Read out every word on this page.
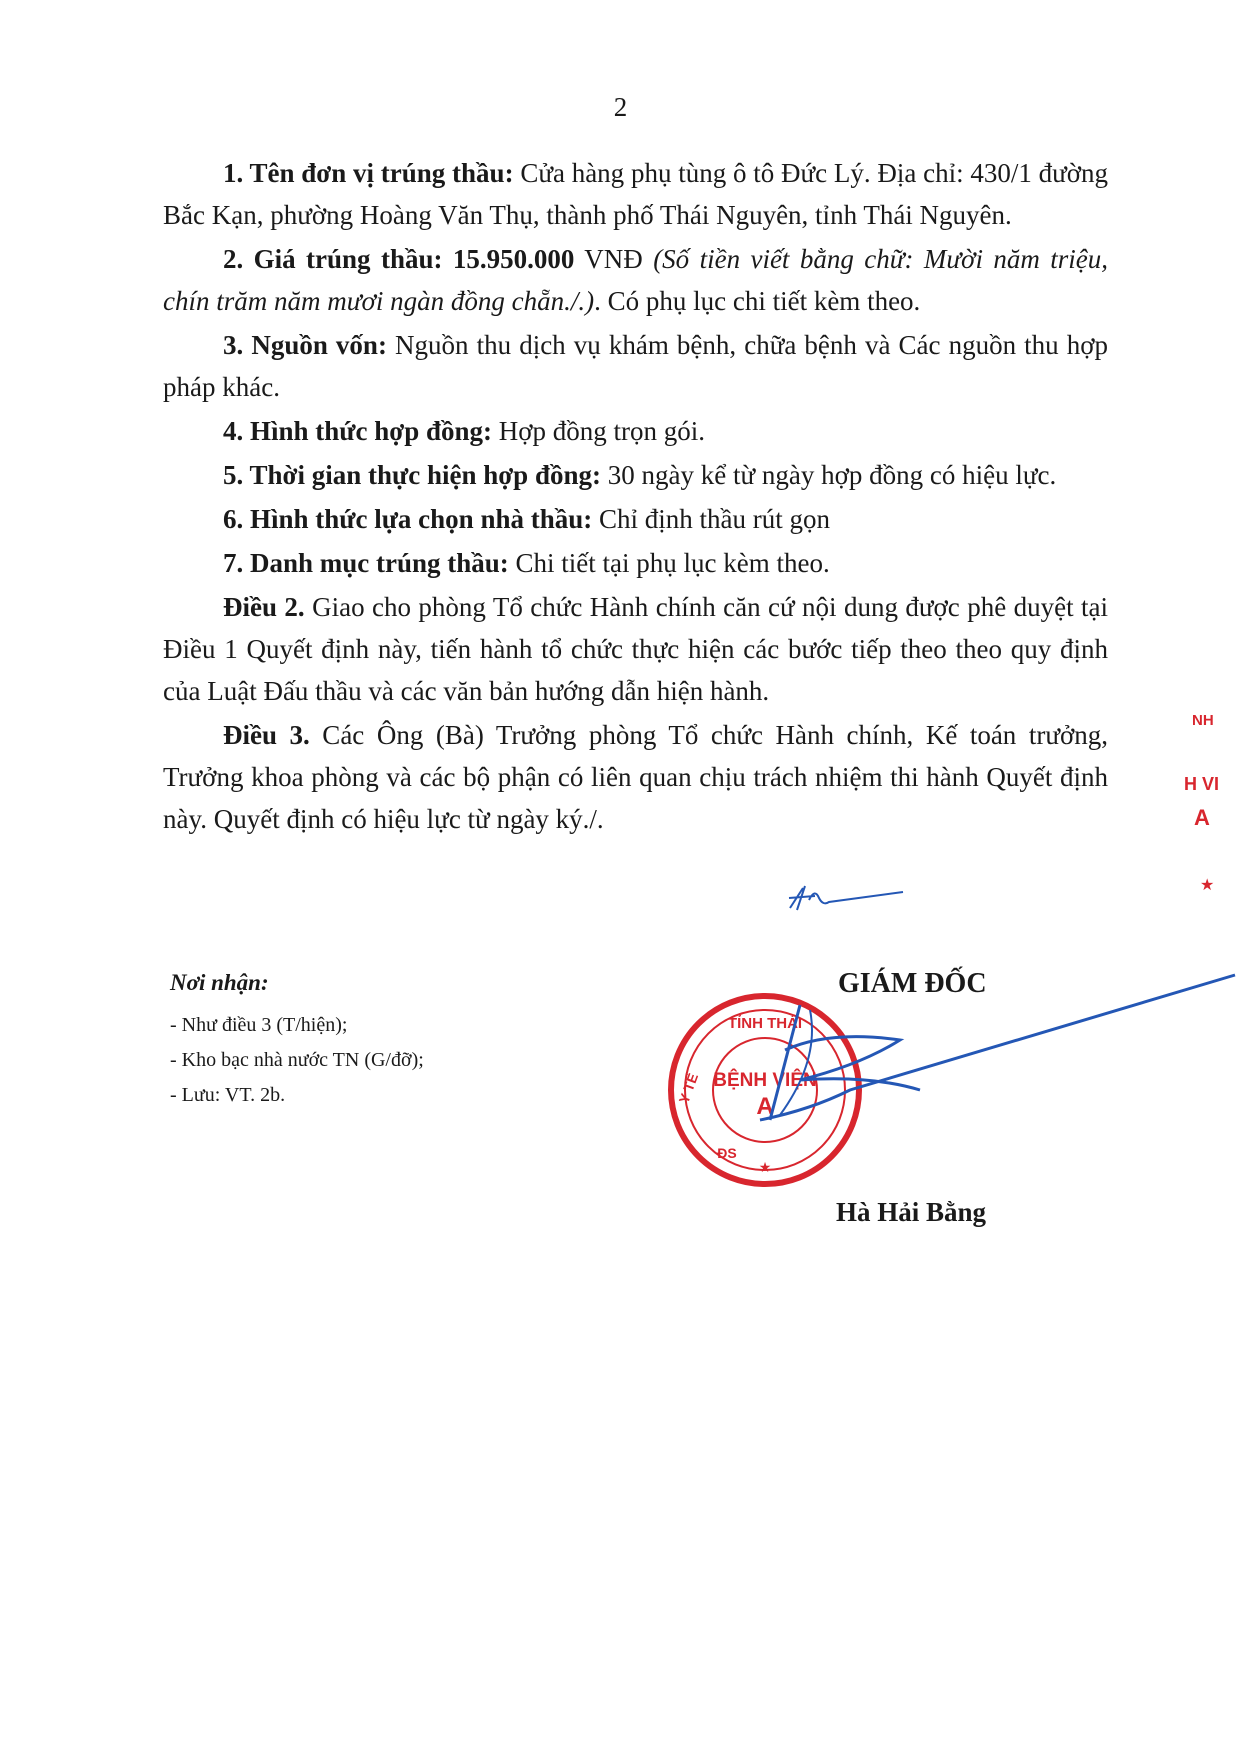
2

1. Tên đơn vị trúng thầu: Cửa hàng phụ tùng ô tô Đức Lý. Địa chỉ: 430/1 đường Bắc Kạn, phường Hoàng Văn Thụ, thành phố Thái Nguyên, tỉnh Thái Nguyên.

2. Giá trúng thầu: 15.950.000 VNĐ (Số tiền viết bằng chữ: Mười năm triệu, chín trăm năm mươi ngàn đồng chẵn./.). Có phụ lục chi tiết kèm theo.

3. Nguồn vốn: Nguồn thu dịch vụ khám bệnh, chữa bệnh và Các nguồn thu hợp pháp khác.

4. Hình thức hợp đồng: Hợp đồng trọn gói.

5. Thời gian thực hiện hợp đồng: 30 ngày kể từ ngày hợp đồng có hiệu lực.

6. Hình thức lựa chọn nhà thầu: Chỉ định thầu rút gọn

7. Danh mục trúng thầu: Chi tiết tại phụ lục kèm theo.

Điều 2. Giao cho phòng Tổ chức Hành chính căn cứ nội dung được phê duyệt tại Điều 1 Quyết định này, tiến hành tổ chức thực hiện các bước tiếp theo theo quy định của Luật Đấu thầu và các văn bản hướng dẫn hiện hành.

Điều 3. Các Ông (Bà) Trưởng phòng Tổ chức Hành chính, Kế toán trưởng, Trưởng khoa phòng và các bộ phận có liên quan chịu trách nhiệm thi hành Quyết định này. Quyết định có hiệu lực từ ngày ký./.

Nơi nhận:
- Như điều 3 (T/hiện);
- Kho bạc nhà nước TN (G/đỡ);
- Lưu: VT. 2b.
GIÁM ĐỐC
TỈNH THÁI
Y TẾ BỆNH VIỆN
A
ĐS
★
Hà Hải Bằng
NH
H VI
A
★
